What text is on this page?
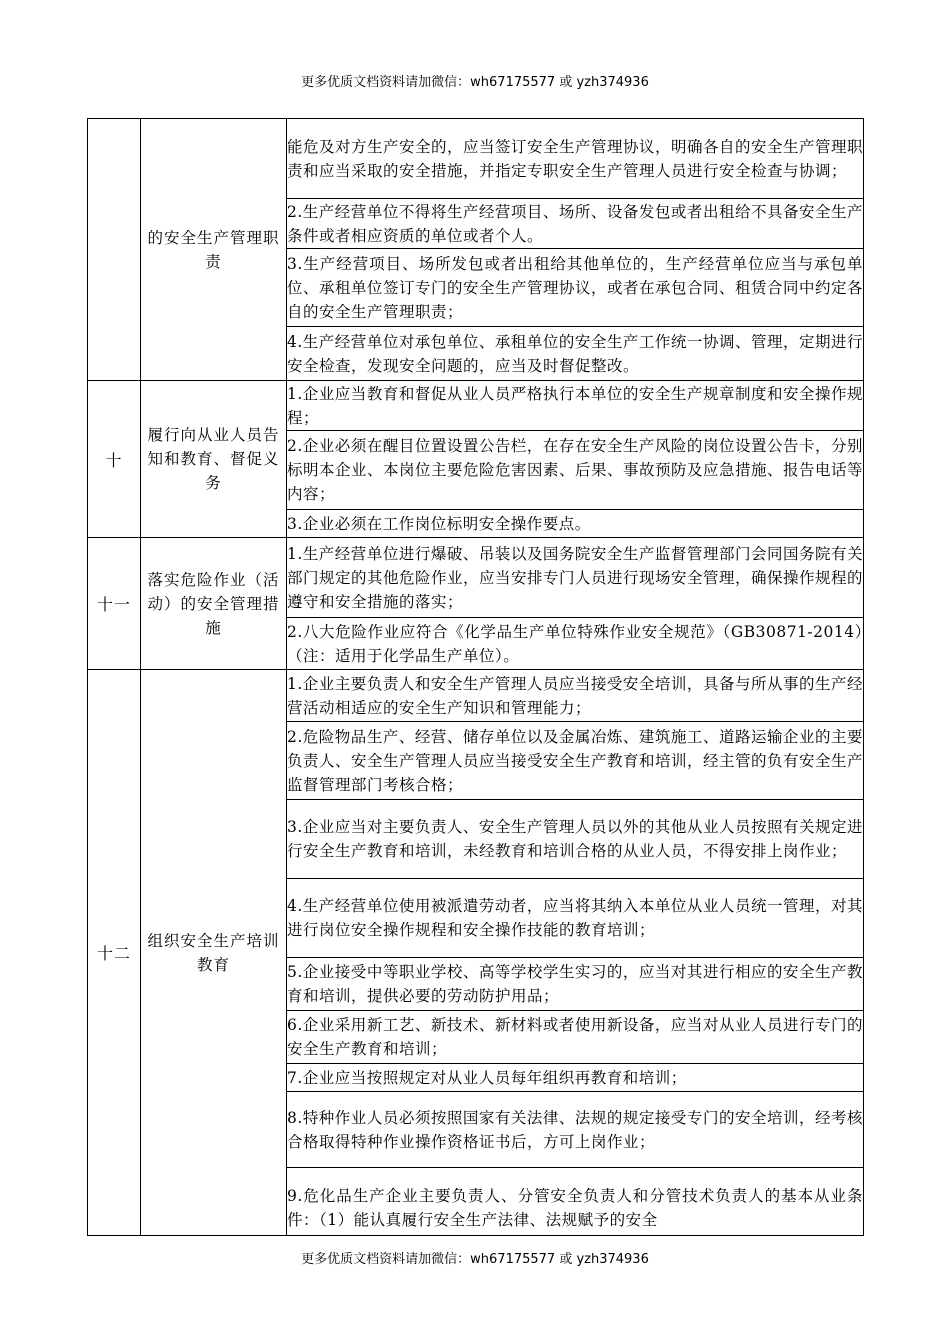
更多优质文档资料请加微信：wh67175577 或 yzh374936
	的安全生产管理职责	能危及对方生产安全的，应当签订安全生产管理协议，明确各自的安全生产管理职责和应当采取的安全措施，并指定专职安全生产管理人员进行安全检查与协调；
		2.生产经营单位不得将生产经营项目、场所、设备发包或者出租给不具备安全生产条件或者相应资质的单位或者个人。
		3.生产经营项目、场所发包或者出租给其他单位的，生产经营单位应当与承包单位、承租单位签订专门的安全生产管理协议，或者在承包合同、租赁合同中约定各自的安全生产管理职责；
		4.生产经营单位对承包单位、承租单位的安全生产工作统一协调、管理，定期进行安全检查，发现安全问题的，应当及时督促整改。
十	履行向从业人员告知和教育、督促义务	1.企业应当教育和督促从业人员严格执行本单位的安全生产规章制度和安全操作规程；
		2.企业必须在醒目位置设置公告栏，在存在安全生产风险的岗位设置公告卡，分别标明本企业、本岗位主要危险危害因素、后果、事故预防及应急措施、报告电话等内容；
		3.企业必须在工作岗位标明安全操作要点。
十一	落实危险作业（活动）的安全管理措施	1.生产经营单位进行爆破、吊装以及国务院安全生产监督管理部门会同国务院有关部门规定的其他危险作业，应当安排专门人员进行现场安全管理，确保操作规程的遵守和安全措施的落实；
		2.八大危险作业应符合《化学品生产单位特殊作业安全规范》（GB30871-2014）（注：适用于化学品生产单位）。
十二	组织安全生产培训教育	1.企业主要负责人和安全生产管理人员应当接受安全培训，具备与所从事的生产经营活动相适应的安全生产知识和管理能力；
		2.危险物品生产、经营、储存单位以及金属冶炼、建筑施工、道路运输企业的主要负责人、安全生产管理人员应当接受安全生产教育和培训，经主管的负有安全生产监督管理部门考核合格；
		3.企业应当对主要负责人、安全生产管理人员以外的其他从业人员按照有关规定进行安全生产教育和培训，未经教育和培训合格的从业人员，不得安排上岗作业；
		4.生产经营单位使用被派遣劳动者，应当将其纳入本单位从业人员统一管理，对其进行岗位安全操作规程和安全操作技能的教育培训；
		5.企业接受中等职业学校、高等学校学生实习的，应当对其进行相应的安全生产教育和培训，提供必要的劳动防护用品；
		6.企业采用新工艺、新技术、新材料或者使用新设备，应当对从业人员进行专门的安全生产教育和培训；
		7.企业应当按照规定对从业人员每年组织再教育和培训；
		8.特种作业人员必须按照国家有关法律、法规的规定接受专门的安全培训，经考核合格取得特种作业操作资格证书后，方可上岗作业；
		9.危化品生产企业主要负责人、分管安全负责人和分管技术负责人的基本从业条件：（1）能认真履行安全生产法律、法规赋予的安全
更多优质文档资料请加微信：wh67175577 或 yzh374936
